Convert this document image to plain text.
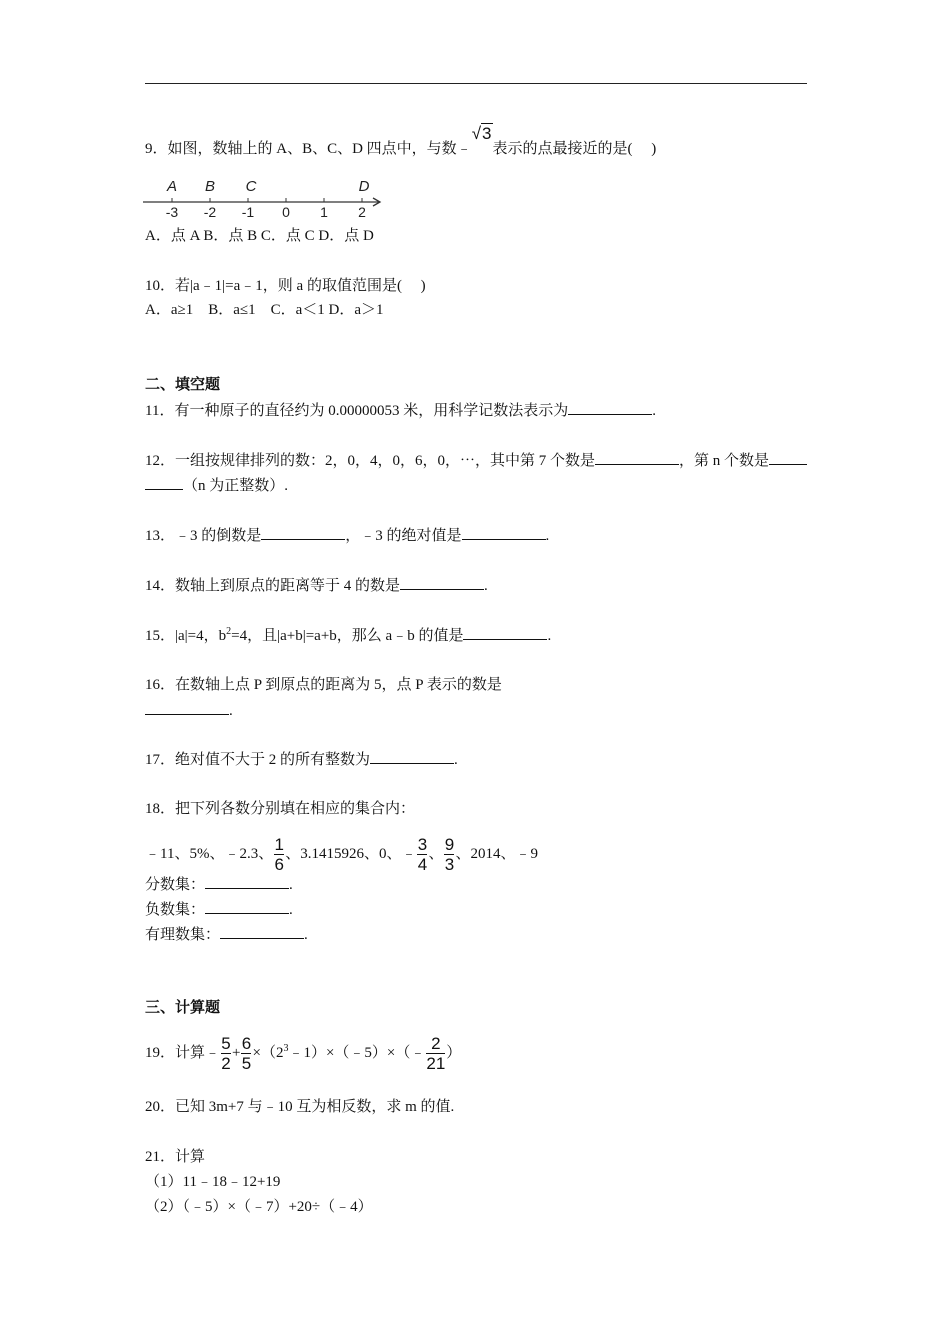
9．如图，数轴上的 A、B、C、D 四点中，与数﹣√3表示的点最接近的是(　 )
A B C	D
-3 -2 -1 0 1 2
A．点 A B．点 B C．点 C D．点 D
10．若|a﹣1|=a﹣1，则 a 的取值范围是(　 )
A．a≥1　B．a≤1　C．a＜1 D．a＞1
二、填空题
11．有一种原子的直径约为 0.00000053 米，用科学记数法表示为	.
12．一组按规律排列的数：2，0，4，0，6，0，⋯，其中第 7 个数是	，第 n 个数是
（n 为正整数）.
13．﹣3 的倒数是	，﹣3 的绝对值是	.
14．数轴上到原点的距离等于 4 的数是	.
15．|a|=4，$b^2=4$，且|a+b|=a+b，那么 a﹣b 的值是	.
16．在数轴上点 P 到原点的距离为 5，点 P 表示的数是
.
17．绝对值不大于 2 的所有整数为	.
18．把下列各数分别填在相应的集合内：
﹣11、5%、﹣2.3、 $\frac{1}{6}$ 、3.1415926、0、﹣ $\frac{3}{4}$ 、 $\frac{9}{3}$ 、2014、﹣9
分数集：	.
负数集：	.
有理数集：	.
三、计算题
19．计算﹣ $\frac{5}{2} + \frac{6}{5}$ $\times(2^3﹣1)\times(﹣5)\times(﹣ \frac{2}{21}$ ）
20．已知 3m+7 与﹣10 互为相反数，求 m 的值.
21．计算
（1）11﹣18﹣12+19
（2）（﹣5）×（﹣7）+20÷（﹣4）
